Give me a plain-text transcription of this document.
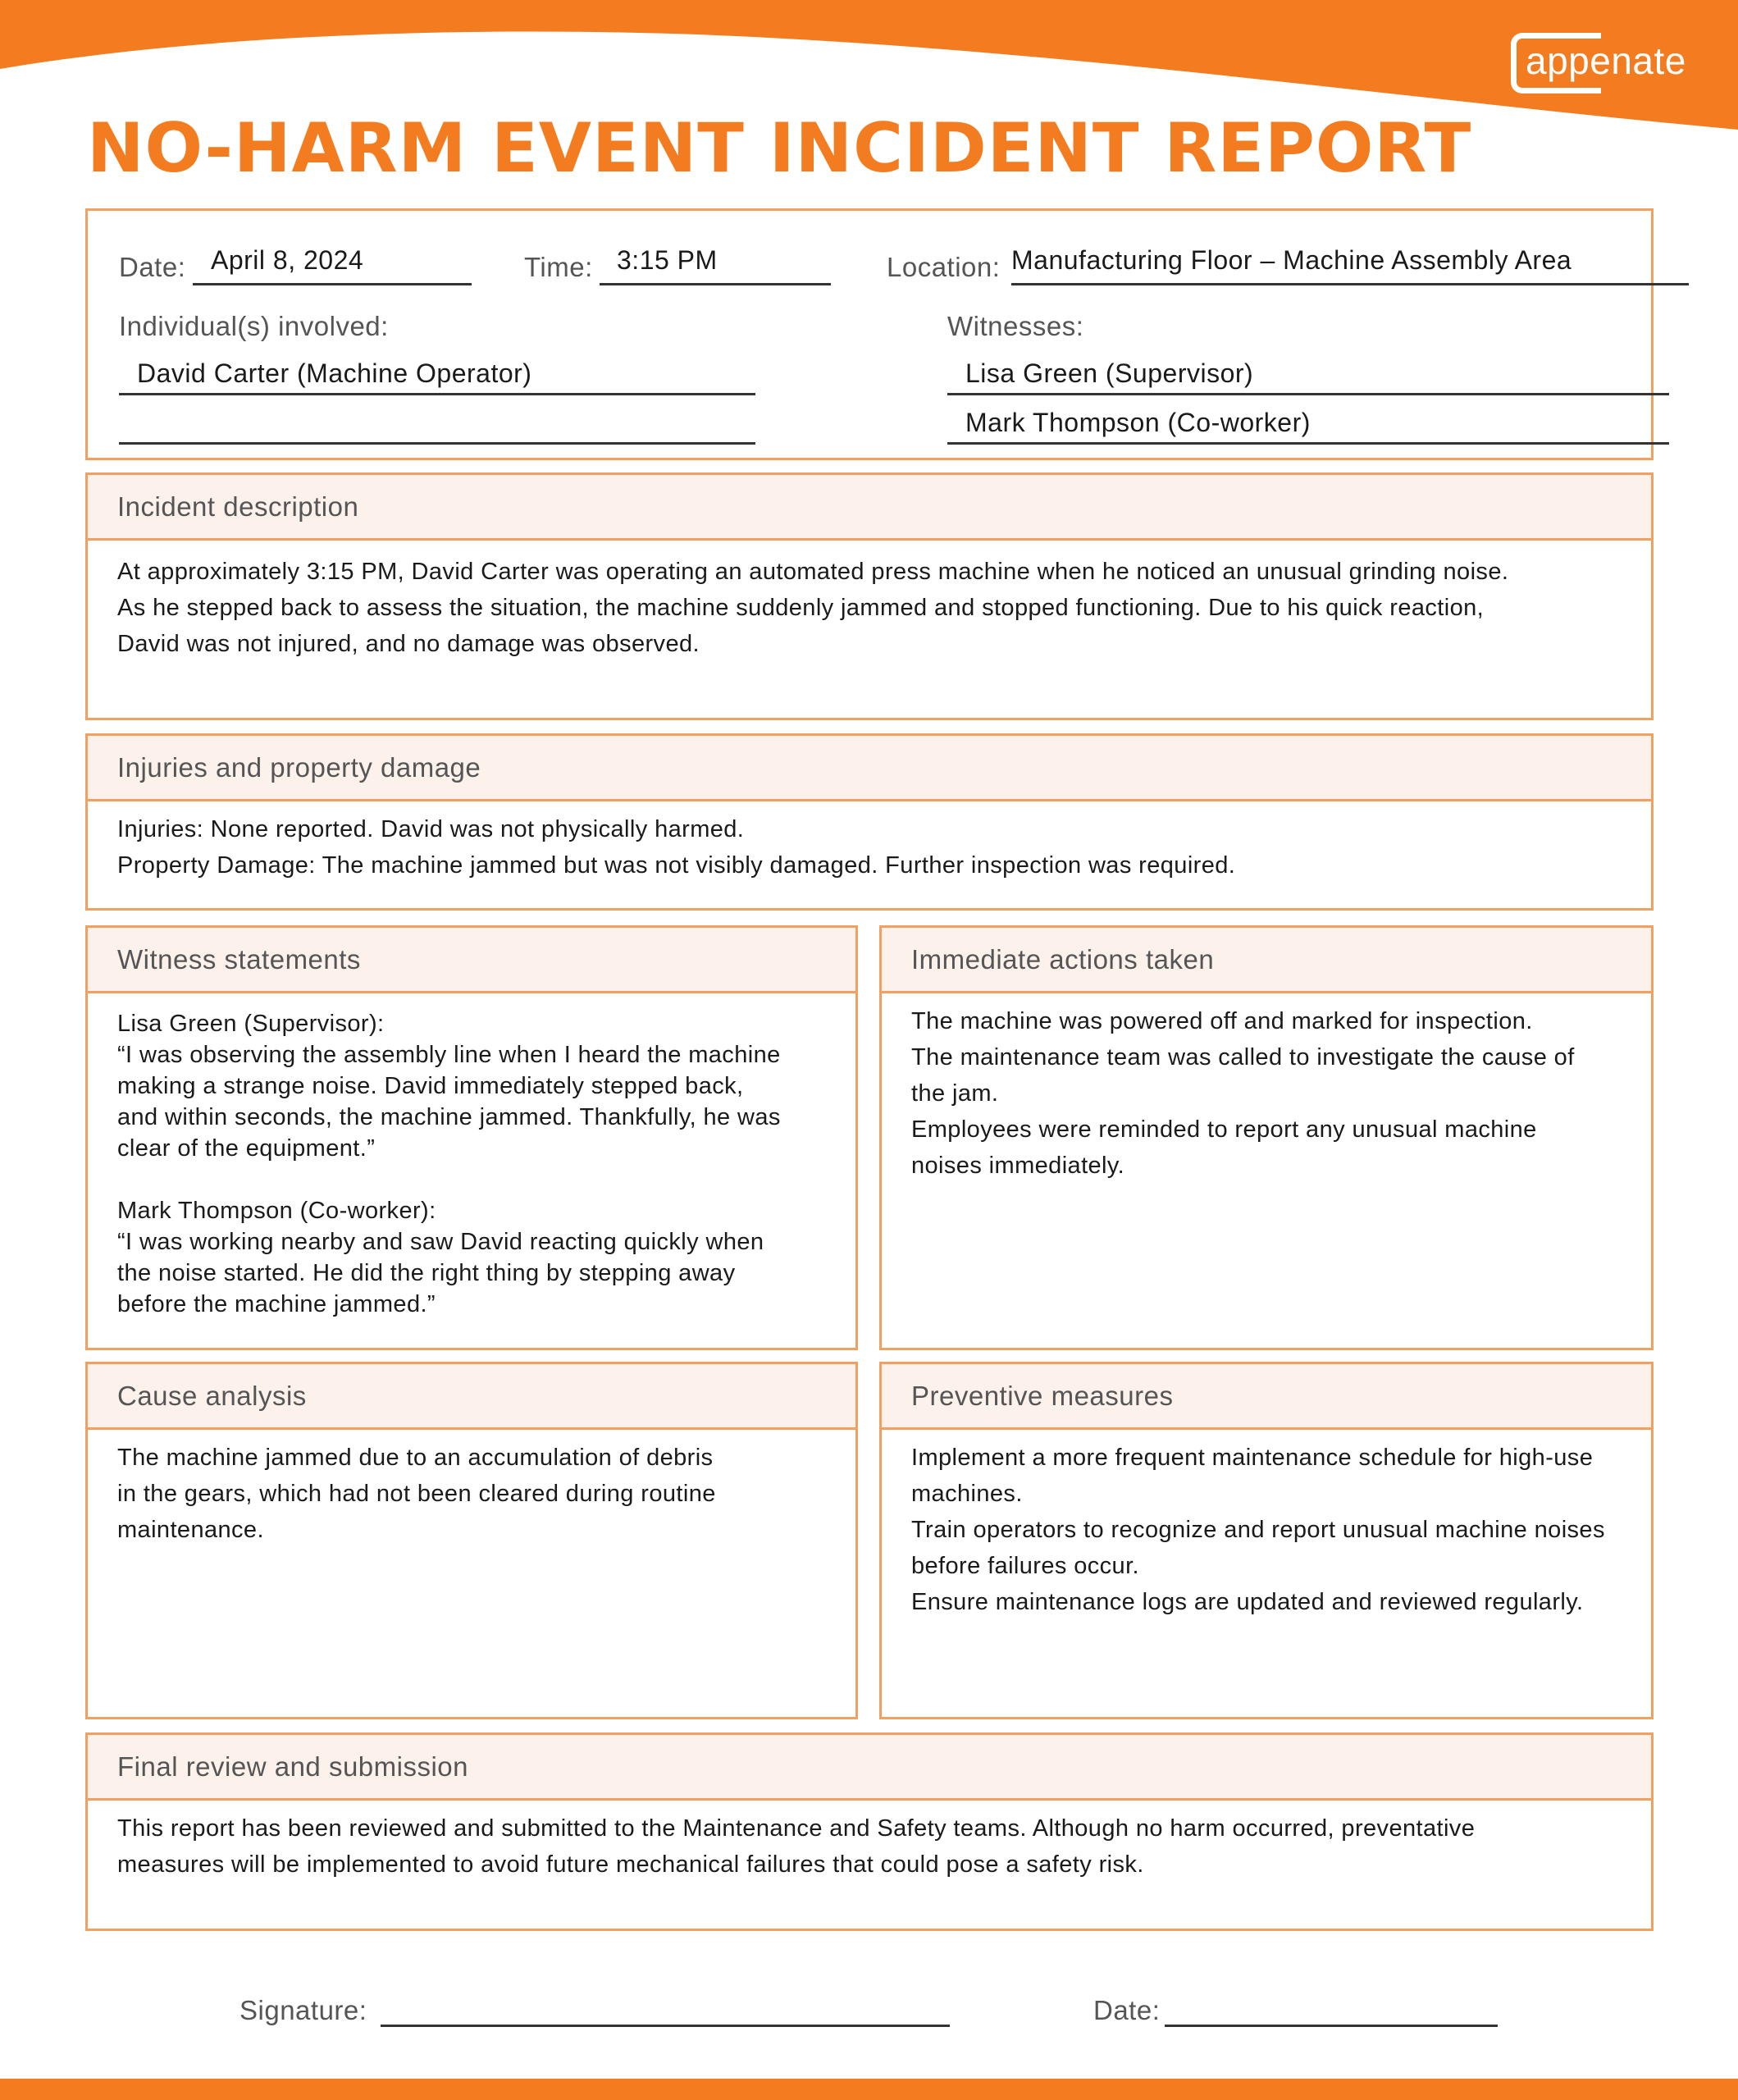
appenate
NO-HARM EVENT INCIDENT REPORT
Date: April 8, 2024	Time: 3:15 PM	Location: Manufacturing Floor – Machine Assembly Area
Individual(s) involved:
David Carter (Machine Operator)
Witnesses:
Lisa Green (Supervisor)
Mark Thompson (Co-worker)
Incident description
At approximately 3:15 PM, David Carter was operating an automated press machine when he noticed an unusual grinding noise.
As he stepped back to assess the situation, the machine suddenly jammed and stopped functioning. Due to his quick reaction,
David was not injured, and no damage was observed.
Injuries and property damage
Injuries: None reported. David was not physically harmed.
Property Damage: The machine jammed but was not visibly damaged. Further inspection was required.
Witness statements
Lisa Green (Supervisor):
“I was observing the assembly line when I heard the machine
making a strange noise. David immediately stepped back,
and within seconds, the machine jammed. Thankfully, he was
clear of the equipment.”
Mark Thompson (Co-worker):
“I was working nearby and saw David reacting quickly when
the noise started. He did the right thing by stepping away
before the machine jammed.”
Immediate actions taken
The machine was powered off and marked for inspection.
The maintenance team was called to investigate the cause of
the jam.
Employees were reminded to report any unusual machine
noises immediately.
Cause analysis
The machine jammed due to an accumulation of debris
in the gears, which had not been cleared during routine
maintenance.
Preventive measures
Implement a more frequent maintenance schedule for high-use
machines.
Train operators to recognize and report unusual machine noises
before failures occur.
Ensure maintenance logs are updated and reviewed regularly.
Final review and submission
This report has been reviewed and submitted to the Maintenance and Safety teams. Although no harm occurred, preventative
measures will be implemented to avoid future mechanical failures that could pose a safety risk.
Signature:	Date:
